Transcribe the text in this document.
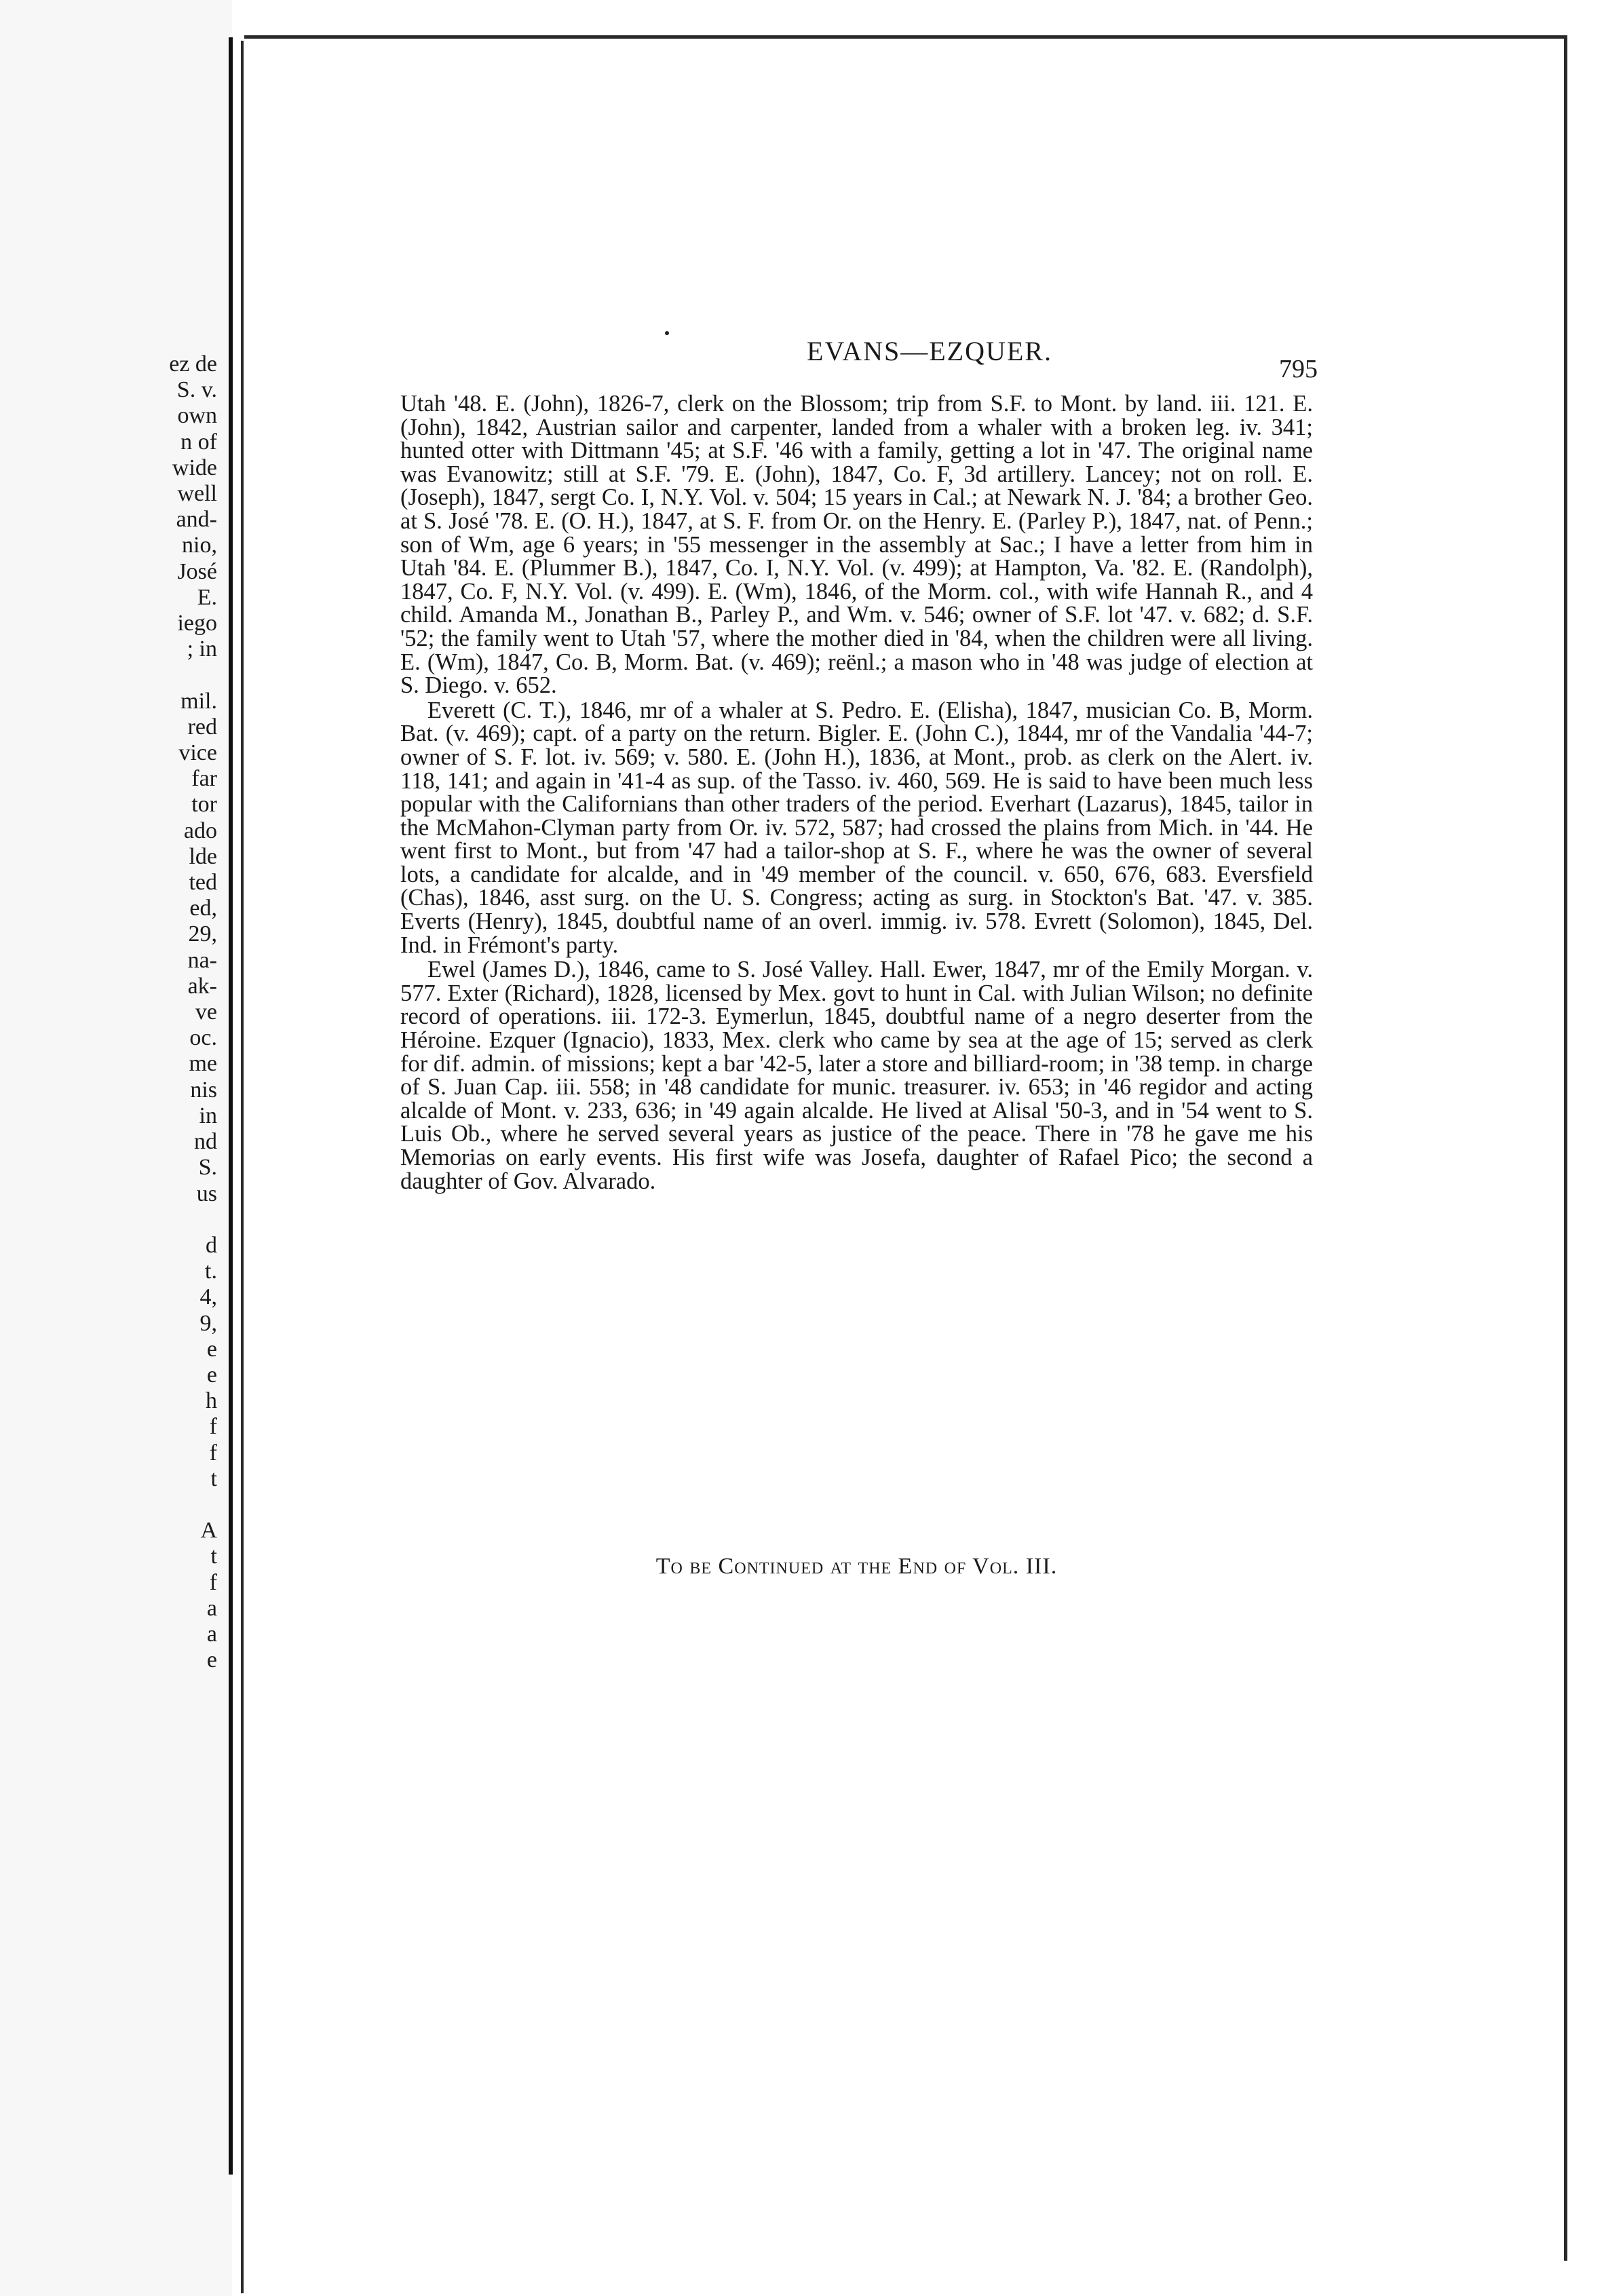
ez de
S. v.
own
n of
wide
well
and-
nio,
José
E.
iego
; in

mil.
red
vice
far
tor
ado
lde
ted
ed,
29,
na-
ak-
ve
oc.
me
nis
in
nd
S.
us

d
t.
4,
9,
e
e
h
f
f
t

A
t
f
a
a
e
EVANS—EZQUER.
795
Utah '48. E. (John), 1826-7, clerk on the Blossom; trip from S.F. to Mont. by land. iii. 121. E. (John), 1842, Austrian sailor and carpenter, landed from a whaler with a broken leg. iv. 341; hunted otter with Dittmann '45; at S.F. '46 with a family, getting a lot in '47. The original name was Evanowitz; still at S.F. '79. E. (John), 1847, Co. F, 3d artillery. Lancey; not on roll. E. (Joseph), 1847, sergt Co. I, N.Y. Vol. v. 504; 15 years in Cal.; at Newark N. J. '84; a brother Geo. at S. José '78. E. (O. H.), 1847, at S. F. from Or. on the Henry. E. (Parley P.), 1847, nat. of Penn.; son of Wm, age 6 years; in '55 messenger in the assembly at Sac.; I have a letter from him in Utah '84. E. (Plummer B.), 1847, Co. I, N.Y. Vol. (v. 499); at Hampton, Va. '82. E. (Randolph), 1847, Co. F, N.Y. Vol. (v. 499). E. (Wm), 1846, of the Morm. col., with wife Hannah R., and 4 child. Amanda M., Jonathan B., Parley P., and Wm. v. 546; owner of S.F. lot '47. v. 682; d. S.F. '52; the family went to Utah '57, where the mother died in '84, when the children were all living. E. (Wm), 1847, Co. B, Morm. Bat. (v. 469); reënl.; a mason who in '48 was judge of election at S. Diego. v. 652.
Everett (C. T.), 1846, mr of a whaler at S. Pedro. E. (Elisha), 1847, musician Co. B, Morm. Bat. (v. 469); capt. of a party on the return. Bigler. E. (John C.), 1844, mr of the Vandalia '44-7; owner of S. F. lot. iv. 569; v. 580. E. (John H.), 1836, at Mont., prob. as clerk on the Alert. iv. 118, 141; and again in '41-4 as sup. of the Tasso. iv. 460, 569. He is said to have been much less popular with the Californians than other traders of the period. Everhart (Lazarus), 1845, tailor in the McMahon-Clyman party from Or. iv. 572, 587; had crossed the plains from Mich. in '44. He went first to Mont., but from '47 had a tailor-shop at S. F., where he was the owner of several lots, a candidate for alcalde, and in '49 member of the council. v. 650, 676, 683. Eversfield (Chas), 1846, asst surg. on the U. S. Congress; acting as surg. in Stockton's Bat. '47. v. 385. Everts (Henry), 1845, doubtful name of an overl. immig. iv. 578. Evrett (Solomon), 1845, Del. Ind. in Frémont's party.
Ewel (James D.), 1846, came to S. José Valley. Hall. Ewer, 1847, mr of the Emily Morgan. v. 577. Exter (Richard), 1828, licensed by Mex. govt to hunt in Cal. with Julian Wilson; no definite record of operations. iii. 172-3. Eymerlun, 1845, doubtful name of a negro deserter from the Héroine. Ezquer (Ignacio), 1833, Mex. clerk who came by sea at the age of 15; served as clerk for dif. admin. of missions; kept a bar '42-5, later a store and billiard-room; in '38 temp. in charge of S. Juan Cap. iii. 558; in '48 candidate for munic. treasurer. iv. 653; in '46 regidor and acting alcalde of Mont. v. 233, 636; in '49 again alcalde. He lived at Alisal '50-3, and in '54 went to S. Luis Ob., where he served several years as justice of the peace. There in '78 he gave me his Memorias on early events. His first wife was Josefa, daughter of Rafael Pico; the second a daughter of Gov. Alvarado.
To be Continued at the End of Vol. III.
